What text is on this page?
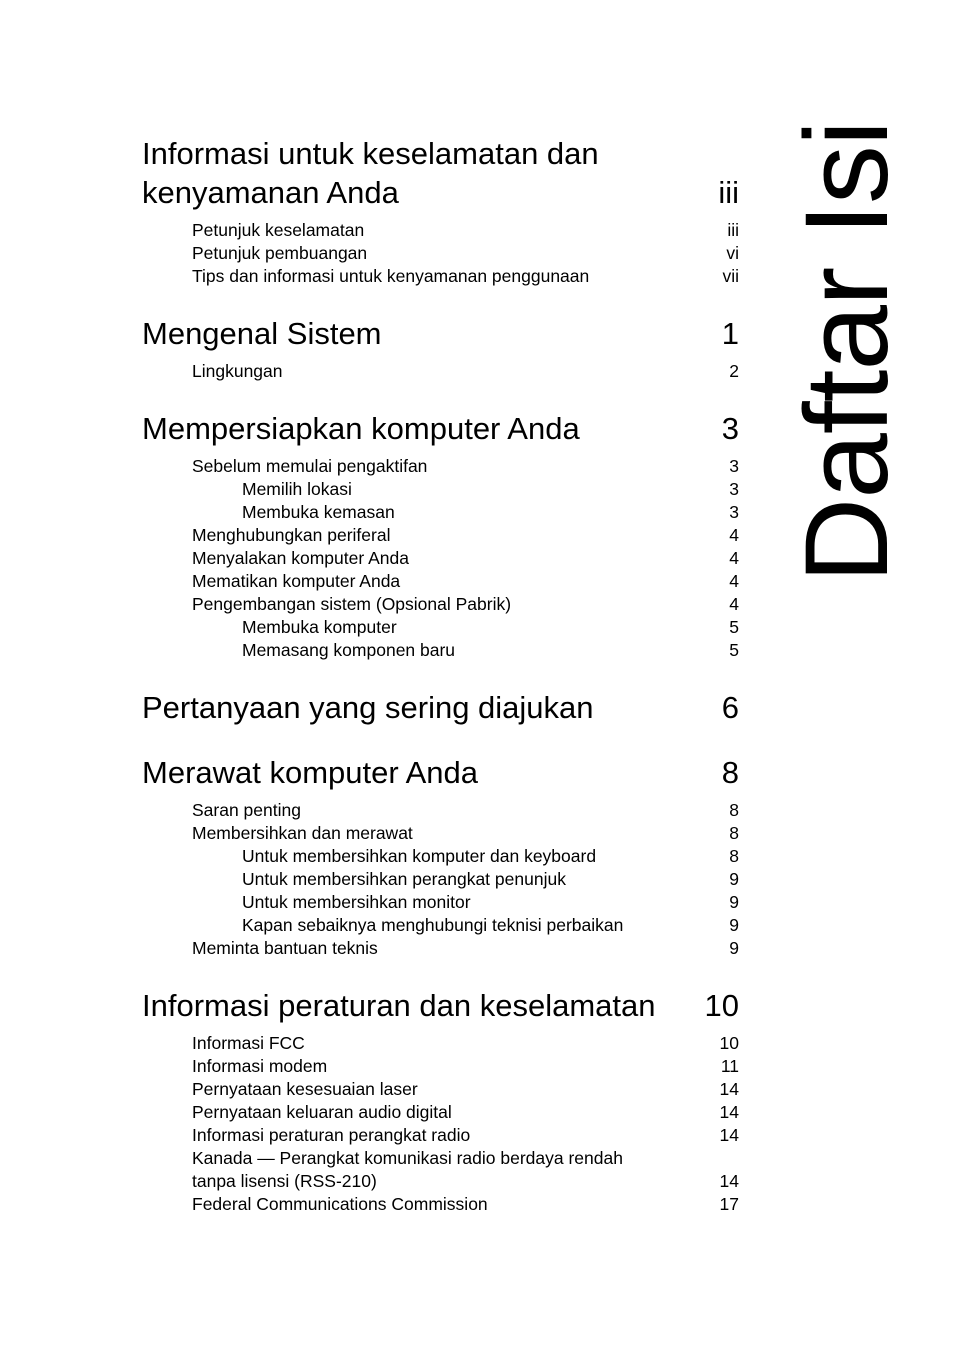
Daftar Isi
Informasi untuk keselamatan dan
kenyamanan Anda	iii
Petunjuk keselamatan	iii
Petunjuk pembuangan	vi
Tips dan informasi untuk kenyamanan penggunaan	vii
Mengenal Sistem	1
Lingkungan	2
Mempersiapkan komputer Anda	3
Sebelum memulai pengaktifan	3
Memilih lokasi	3
Membuka kemasan	3
Menghubungkan periferal	4
Menyalakan komputer Anda	4
Mematikan komputer Anda	4
Pengembangan sistem (Opsional Pabrik)	4
Membuka komputer	5
Memasang komponen baru	5
Pertanyaan yang sering diajukan	6
Merawat komputer Anda	8
Saran penting	8
Membersihkan dan merawat	8
Untuk membersihkan komputer dan keyboard	8
Untuk membersihkan perangkat penunjuk	9
Untuk membersihkan monitor	9
Kapan sebaiknya menghubungi teknisi perbaikan	9
Meminta bantuan teknis	9
Informasi peraturan dan keselamatan	10
Informasi FCC	10
Informasi modem	11
Pernyataan kesesuaian laser	14
Pernyataan keluaran audio digital	14
Informasi peraturan perangkat radio	14
Kanada — Perangkat komunikasi radio berdaya rendah
tanpa lisensi (RSS-210)	14
Federal Communications Commission	17
